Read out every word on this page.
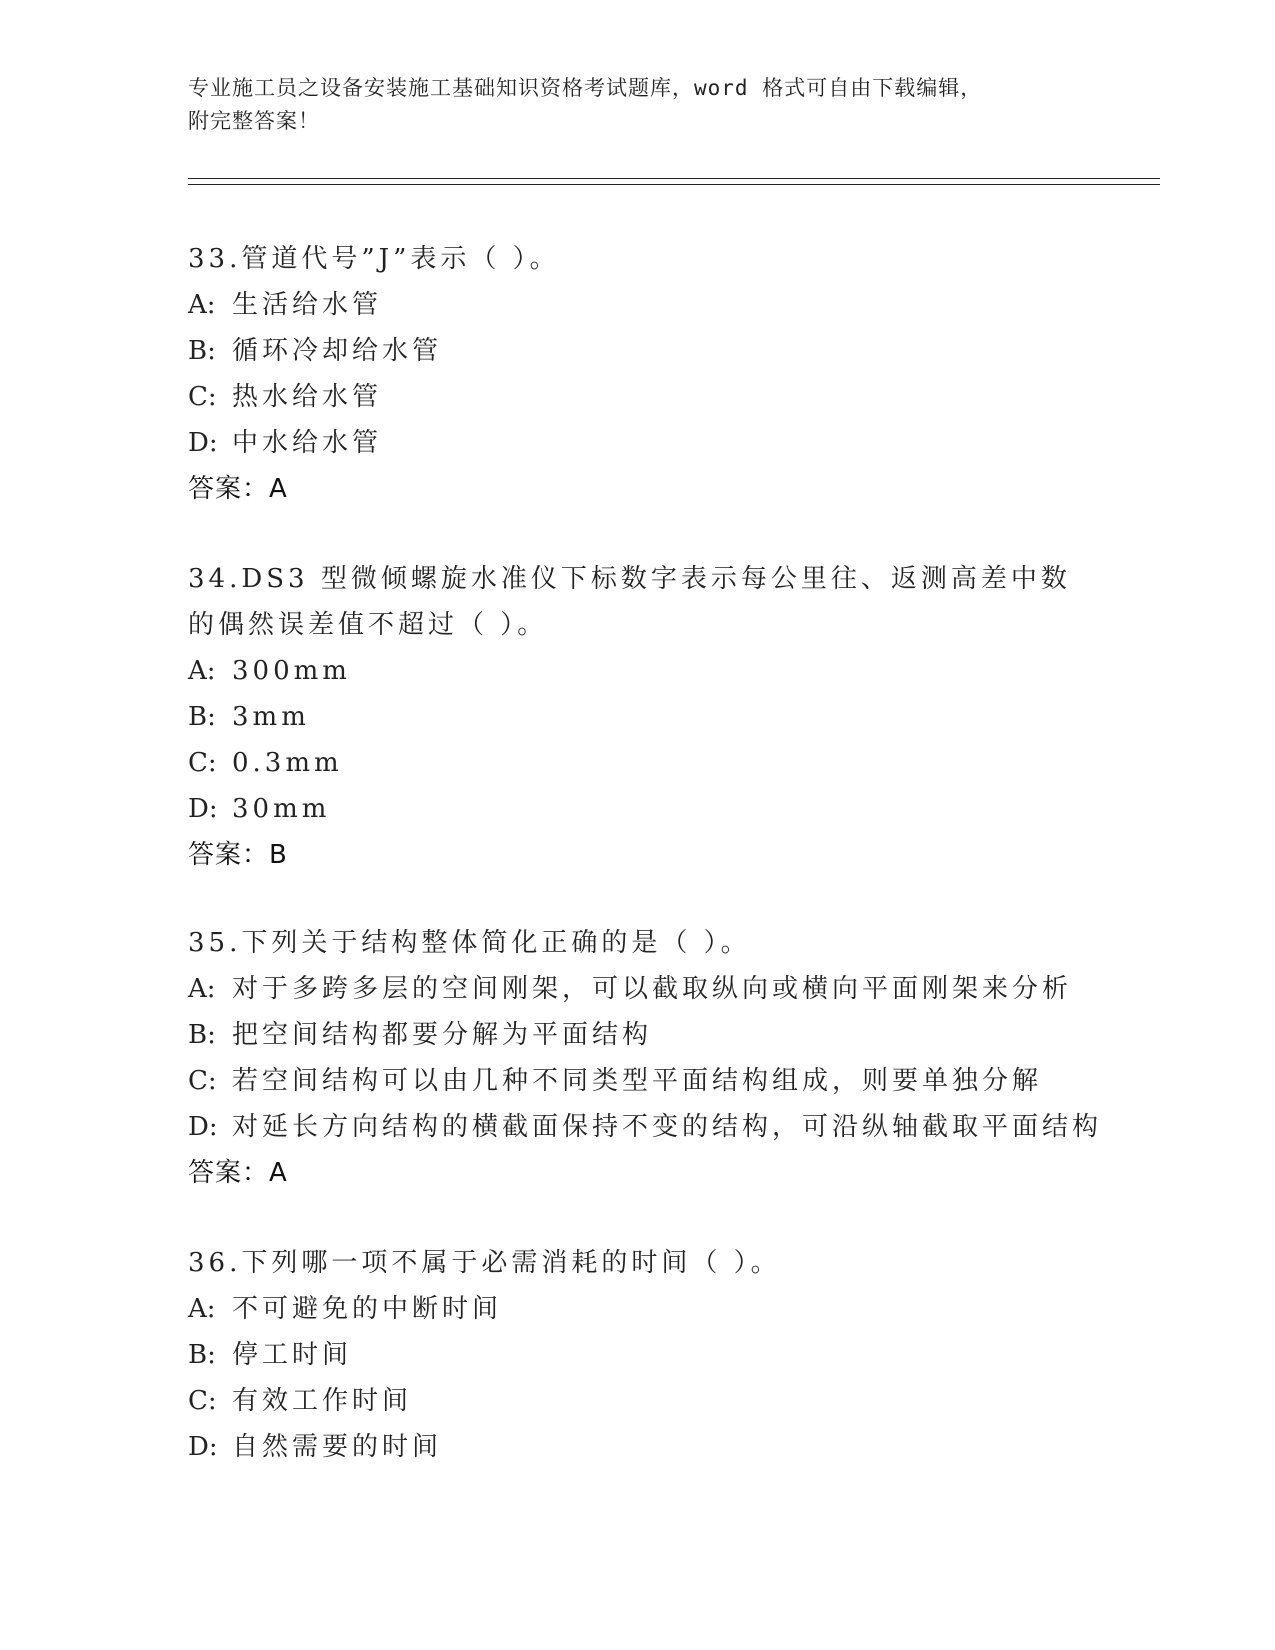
专业施工员之设备安装施工基础知识资格考试题库，word 格式可自由下载编辑，
附完整答案！
33.管道代号”J”表示（ ）。
A: 生活给水管
B: 循环冷却给水管
C: 热水给水管
D: 中水给水管
答案：A
34.DS3 型微倾螺旋水准仪下标数字表示每公里往、返测高差中数的偶然误差值不超过（ ）。
A: 300mm
B: 3mm
C: 0.3mm
D: 30mm
答案：B
35.下列关于结构整体简化正确的是（ ）。
A: 对于多跨多层的空间刚架，可以截取纵向或横向平面刚架来分析
B: 把空间结构都要分解为平面结构
C: 若空间结构可以由几种不同类型平面结构组成，则要单独分解
D: 对延长方向结构的横截面保持不变的结构，可沿纵轴截取平面结构
答案：A
36.下列哪一项不属于必需消耗的时间（ ）。
A: 不可避免的中断时间
B: 停工时间
C: 有效工作时间
D: 自然需要的时间
